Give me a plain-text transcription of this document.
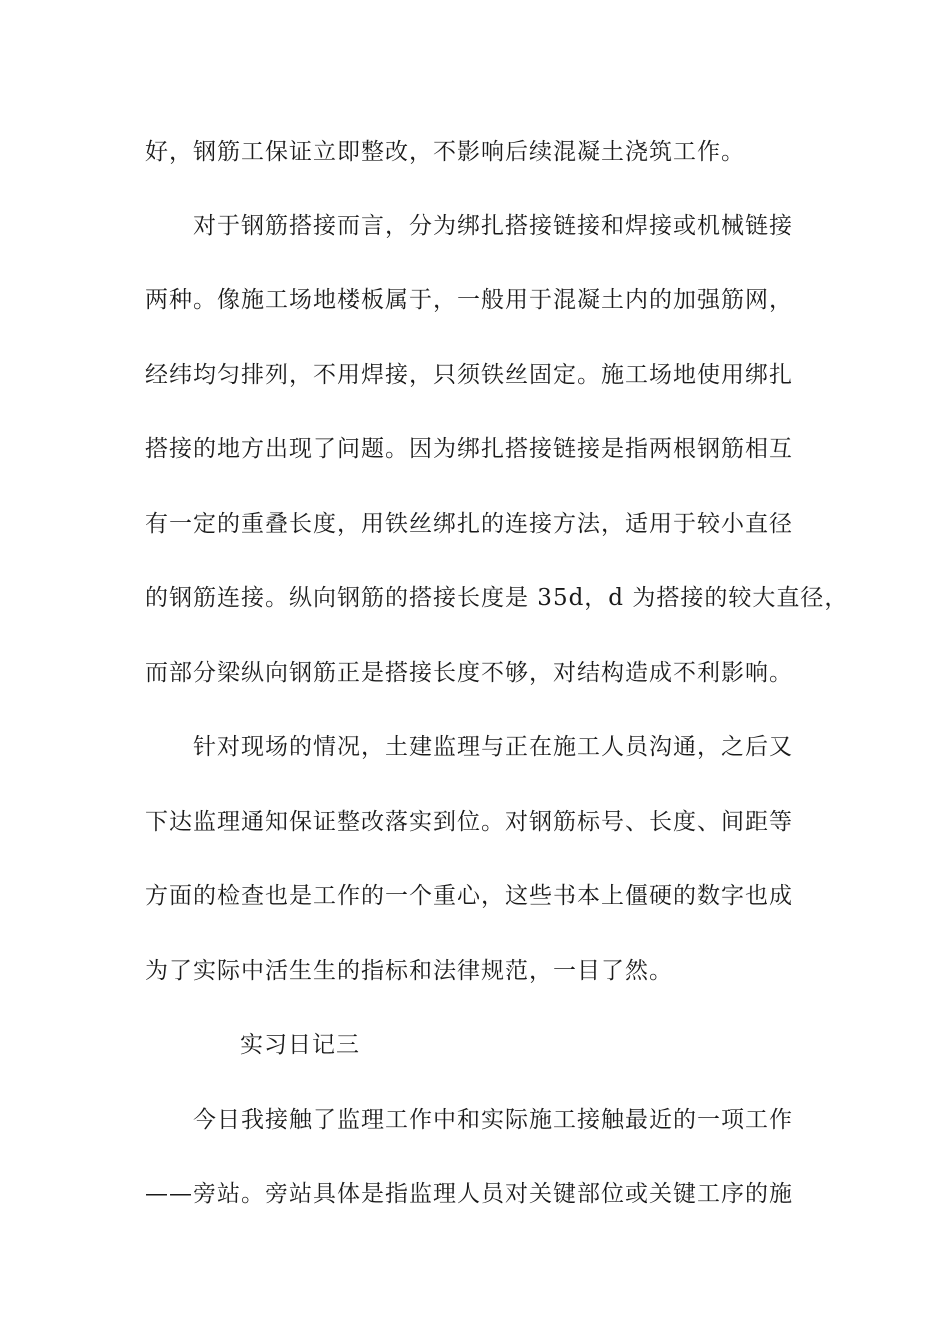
好，钢筋工保证立即整改，不影响后续混凝土浇筑工作。
对于钢筋搭接而言，分为绑扎搭接链接和焊接或机械链接
两种。像施工场地楼板属于，一般用于混凝土内的加强筋网，
经纬均匀排列，不用焊接，只须铁丝固定。施工场地使用绑扎
搭接的地方出现了问题。因为绑扎搭接链接是指两根钢筋相互
有一定的重叠长度，用铁丝绑扎的连接方法，适用于较小直径
的钢筋连接。纵向钢筋的搭接长度是 35d，d 为搭接的较大直径，
而部分梁纵向钢筋正是搭接长度不够，对结构造成不利影响。
针对现场的情况，土建监理与正在施工人员沟通，之后又
下达监理通知保证整改落实到位。对钢筋标号、长度、间距等
方面的检查也是工作的一个重心，这些书本上僵硬的数字也成
为了实际中活生生的指标和法律规范，一目了然。
实习日记三
今日我接触了监理工作中和实际施工接触最近的一项工作
——旁站。旁站具体是指监理人员对关键部位或关键工序的施
